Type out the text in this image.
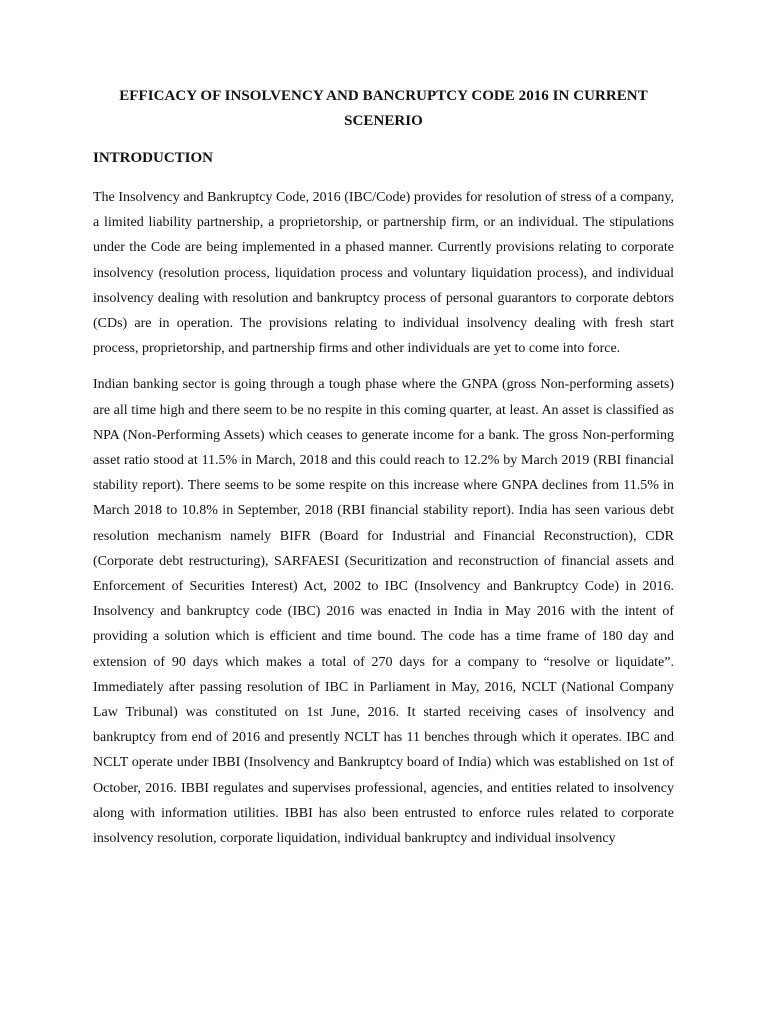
EFFICACY OF INSOLVENCY AND BANCRUPTCY CODE 2016 IN CURRENT SCENERIO
INTRODUCTION

The Insolvency and Bankruptcy Code, 2016 (IBC/Code) provides for resolution of stress of a company, a limited liability partnership, a proprietorship, or partnership firm, or an individual. The stipulations under the Code are being implemented in a phased manner. Currently provisions relating to corporate insolvency (resolution process, liquidation process and voluntary liquidation process), and individual insolvency dealing with resolution and bankruptcy process of personal guarantors to corporate debtors (CDs) are in operation. The provisions relating to individual insolvency dealing with fresh start process, proprietorship, and partnership firms and other individuals are yet to come into force.

Indian banking sector is going through a tough phase where the GNPA (gross Non-performing assets) are all time high and there seem to be no respite in this coming quarter, at least. An asset is classified as NPA (Non-Performing Assets) which ceases to generate income for a bank. The gross Non-performing asset ratio stood at 11.5% in March, 2018 and this could reach to 12.2% by March 2019 (RBI financial stability report). There seems to be some respite on this increase where GNPA declines from 11.5% in March 2018 to 10.8% in September, 2018 (RBI financial stability report). India has seen various debt resolution mechanism namely BIFR (Board for Industrial and Financial Reconstruction), CDR (Corporate debt restructuring), SARFAESI (Securitization and reconstruction of financial assets and Enforcement of Securities Interest) Act, 2002 to IBC (Insolvency and Bankruptcy Code) in 2016. Insolvency and bankruptcy code (IBC) 2016 was enacted in India in May 2016 with the intent of providing a solution which is efficient and time bound. The code has a time frame of 180 day and extension of 90 days which makes a total of 270 days for a company to “resolve or liquidate”. Immediately after passing resolution of IBC in Parliament in May, 2016, NCLT (National Company Law Tribunal) was constituted on 1st June, 2016. It started receiving cases of insolvency and bankruptcy from end of 2016 and presently NCLT has 11 benches through which it operates. IBC and NCLT operate under IBBI (Insolvency and Bankruptcy board of India) which was established on 1st of October, 2016. IBBI regulates and supervises professional, agencies, and entities related to insolvency along with information utilities. IBBI has also been entrusted to enforce rules related to corporate insolvency resolution, corporate liquidation, individual bankruptcy and individual insolvency
